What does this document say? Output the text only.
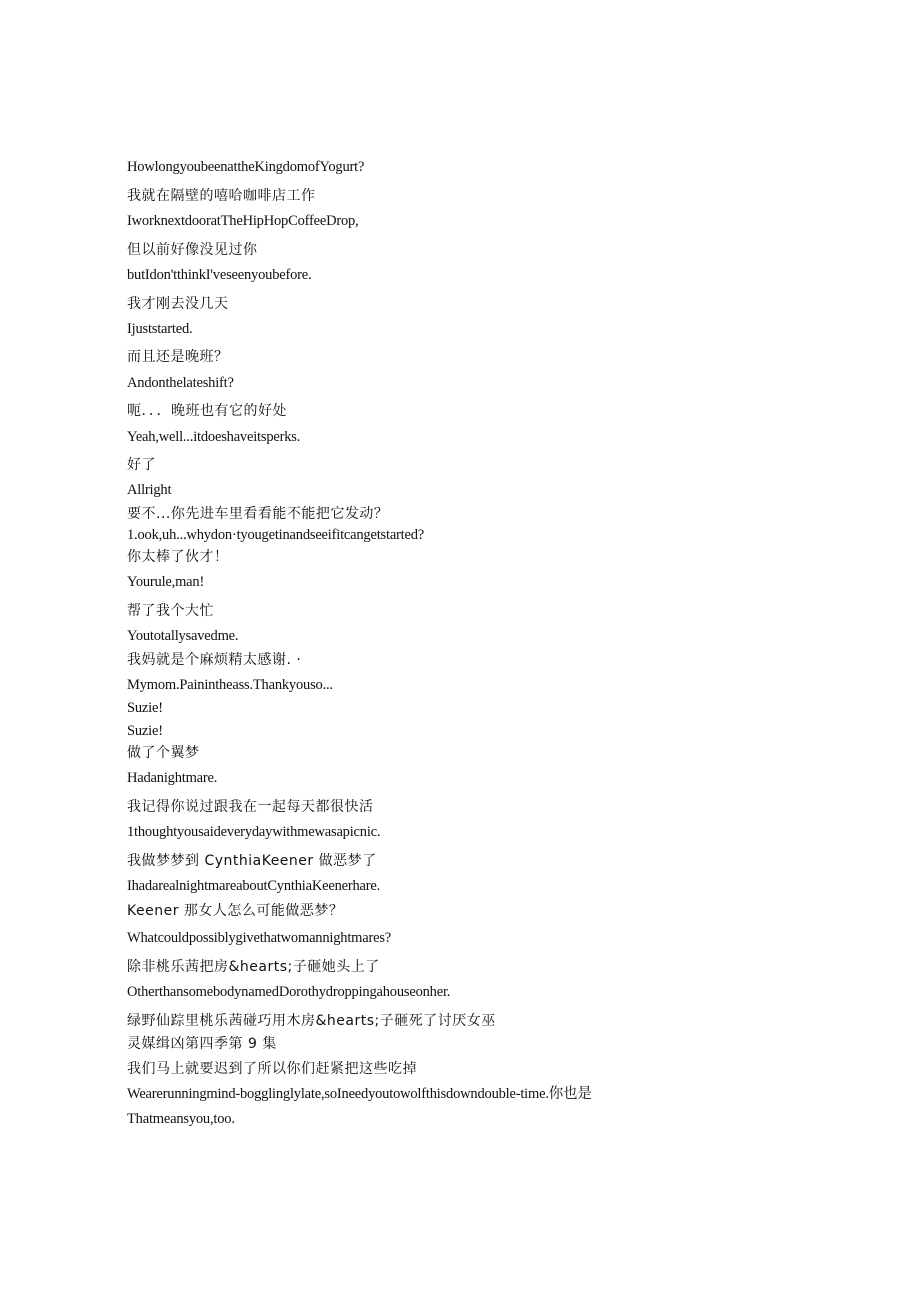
HowlongyoubeenattheKingdomofYogurt?
我就在隔壁的嘻哈咖啡店工作
IworknextdooratTheHipHopCoffeeDrop,
但以前好像没见过你
butIdon'tthinkI'veseenyoubefore.
我才刚去没几天
Ijuststarted.
而且还是晚班？
Andonthelateshift?
呃．．．晚班也有它的好处
Yeah,well...itdoeshaveitsperks.
好了
Allright
要不...你先进车里看看能不能把它发动？
1.ook,uh...whydon·tyougetinandseeifitcangetstarted?
你太棒了伙才！
Yourule,man!
帮了我个大忙
Youtotallysavedme.
我妈就是个麻烦精太感谢. ·
Mymom.Painintheass.Thankyouso...
Suzie!
Suzie!
做了个翼梦
Hadanightmare.
我记得你说过跟我在一起每天都很快活
1thoughtyousaideverydaywithmewasapicnic.
我做梦梦到 CynthiaKeener 做恶梦了
IhadarealnightmareaboutCynthiaKeenerhare.
Keener 那女人怎么可能做恶梦？
Whatcouldpossiblygivethatwomannightmares?
除非桃乐茜把房&hearts;子砸她头上了
OtherthansomebodynamedDorothydroppingahouseonher.
绿野仙踪里桃乐茜碰巧用木房&hearts;子砸死了讨厌女巫
灵媒缉凶第四季第 9 集
我们马上就要迟到了所以你们赶紧把这些吃掉
Wearerunningmind-bogglinglylate,soIneedyoutowolfthisdowndouble-time.你也是
Thatmeansyou,too.
